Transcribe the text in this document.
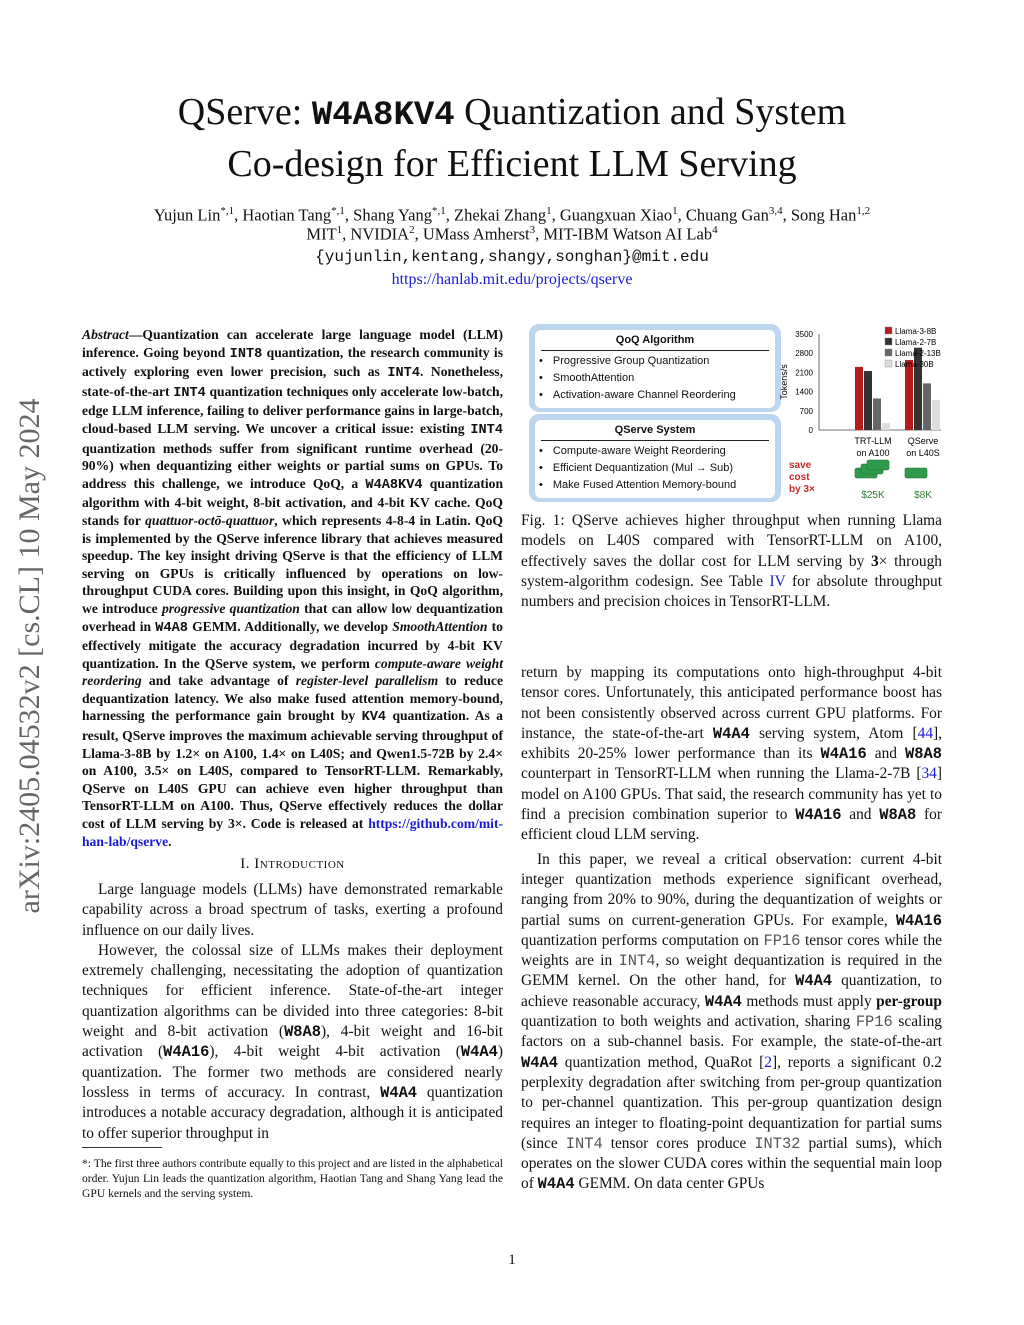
arXiv:2405.04532v2 [cs.CL] 10 May 2024
QServe: W4A8KV4 Quantization and System
Co-design for Efficient LLM Serving
Yujun Lin$^{*,1}$, Haotian Tang$^{*,1}$, Shang Yang$^{*,1}$, Zhekai Zhang$^1$, Guangxuan Xiao$^1$, Chuang Gan$^{3,4}$, Song Han$^{1,2}$
MIT$^1$, NVIDIA$^2$, UMass Amherst$^3$, MIT-IBM Watson AI Lab$^4$
{yujunlin,kentang,shangy,songhan}@mit.edu
https://hanlab.mit.edu/projects/qserve
Abstract—Quantization can accelerate large language model (LLM) inference. Going beyond INT8 quantization, the research community is actively exploring even lower precision, such as INT4. Nonetheless, state-of-the-art INT4 quantization techniques only accelerate low-batch, edge LLM inference, failing to deliver performance gains in large-batch, cloud-based LLM serving. We uncover a critical issue: existing INT4 quantization methods suffer from significant runtime overhead (20-90%) when dequantizing either weights or partial sums on GPUs. To address this challenge, we introduce QoQ, a W4A8KV4 quantization algorithm with 4-bit weight, 8-bit activation, and 4-bit KV cache. QoQ stands for quattuor-octō-quattuor, which represents 4-8-4 in Latin. QoQ is implemented by the QServe inference library that achieves measured speedup. The key insight driving QServe is that the efficiency of LLM serving on GPUs is critically influenced by operations on low-throughput CUDA cores. Building upon this insight, in QoQ algorithm, we introduce progressive quantization that can allow low dequantization overhead in W4A8 GEMM. Additionally, we develop SmoothAttention to effectively mitigate the accuracy degradation incurred by 4-bit KV quantization. In the QServe system, we perform compute-aware weight reordering and take advantage of register-level parallelism to reduce dequantization latency. We also make fused attention memory-bound, harnessing the performance gain brought by KV4 quantization. As a result, QServe improves the maximum achievable serving throughput of Llama-3-8B by 1.2× on A100, 1.4× on L40S; and Qwen1.5-72B by 2.4× on A100, 3.5× on L40S, compared to TensorRT-LLM. Remarkably, QServe on L40S GPU can achieve even higher throughput than TensorRT-LLM on A100. Thus, QServe effectively reduces the dollar cost of LLM serving by 3×. Code is released at https://github.com/mit-han-lab/qserve.
I. Introduction

Large language models (LLMs) have demonstrated remarkable capability across a broad spectrum of tasks, exerting a profound influence on our daily lives.

However, the colossal size of LLMs makes their deployment extremely challenging, necessitating the adoption of quantization techniques for efficient inference. State-of-the-art integer quantization algorithms can be divided into three categories: 8-bit weight and 8-bit activation (W8A8), 4-bit weight and 16-bit activation (W4A16), 4-bit weight 4-bit activation (W4A4) quantization. The former two methods are considered nearly lossless in terms of accuracy. In contrast, W4A4 quantization introduces a notable accuracy degradation, although it is anticipated to offer superior throughput in

*: The first three authors contribute equally to this project and are listed in the alphabetical order. Yujun Lin leads the quantization algorithm, Haotian Tang and Shang Yang lead the GPU kernels and the serving system.
QoQ Algorithm
• Progressive Group Quantization
• SmoothAttention
• Activation-aware Channel Reordering
QServe System
• Compute-aware Weight Reordering
• Efficient Dequantization (Mul → Sub)
• Make Fused Attention Memory-bound
save
cost
by 3×
Tokens/s
0
700
1400
2100
2800
3500
TRT-LLM
on A100
$25K
QServe
on L40S
$8K
Llama-3-8B
Llama-2-7B
Llama-2-13B
Llama-30B
Fig. 1: QServe achieves higher throughput when running Llama models on L40S compared with TensorRT-LLM on A100, effectively saves the dollar cost for LLM serving by 3× through system-algorithm codesign. See Table IV for absolute throughput numbers and precision choices in TensorRT-LLM.

return by mapping its computations onto high-throughput 4-bit tensor cores. Unfortunately, this anticipated performance boost has not been consistently observed across current GPU platforms. For instance, the state-of-the-art W4A4 serving system, Atom [44], exhibits 20-25% lower performance than its W4A16 and W8A8 counterpart in TensorRT-LLM when running the Llama-2-7B [34] model on A100 GPUs. That said, the research community has yet to find a precision combination superior to W4A16 and W8A8 for efficient cloud LLM serving.

In this paper, we reveal a critical observation: current 4-bit integer quantization methods experience significant overhead, ranging from 20% to 90%, during the dequantization of weights or partial sums on current-generation GPUs. For example, W4A16 quantization performs computation on FP16 tensor cores while the weights are in INT4, so weight dequantization is required in the GEMM kernel. On the other hand, for W4A4 quantization, to achieve reasonable accuracy, W4A4 methods must apply per-group quantization to both weights and activation, sharing FP16 scaling factors on a sub-channel basis. For example, the state-of-the-art W4A4 quantization method, QuaRot [2], reports a significant 0.2 perplexity degradation after switching from per-group quantization to per-channel quantization. This per-group quantization design requires an integer to floating-point dequantization for partial sums (since INT4 tensor cores produce INT32 partial sums), which operates on the slower CUDA cores within the sequential main loop of W4A4 GEMM. On data center GPUs

1
